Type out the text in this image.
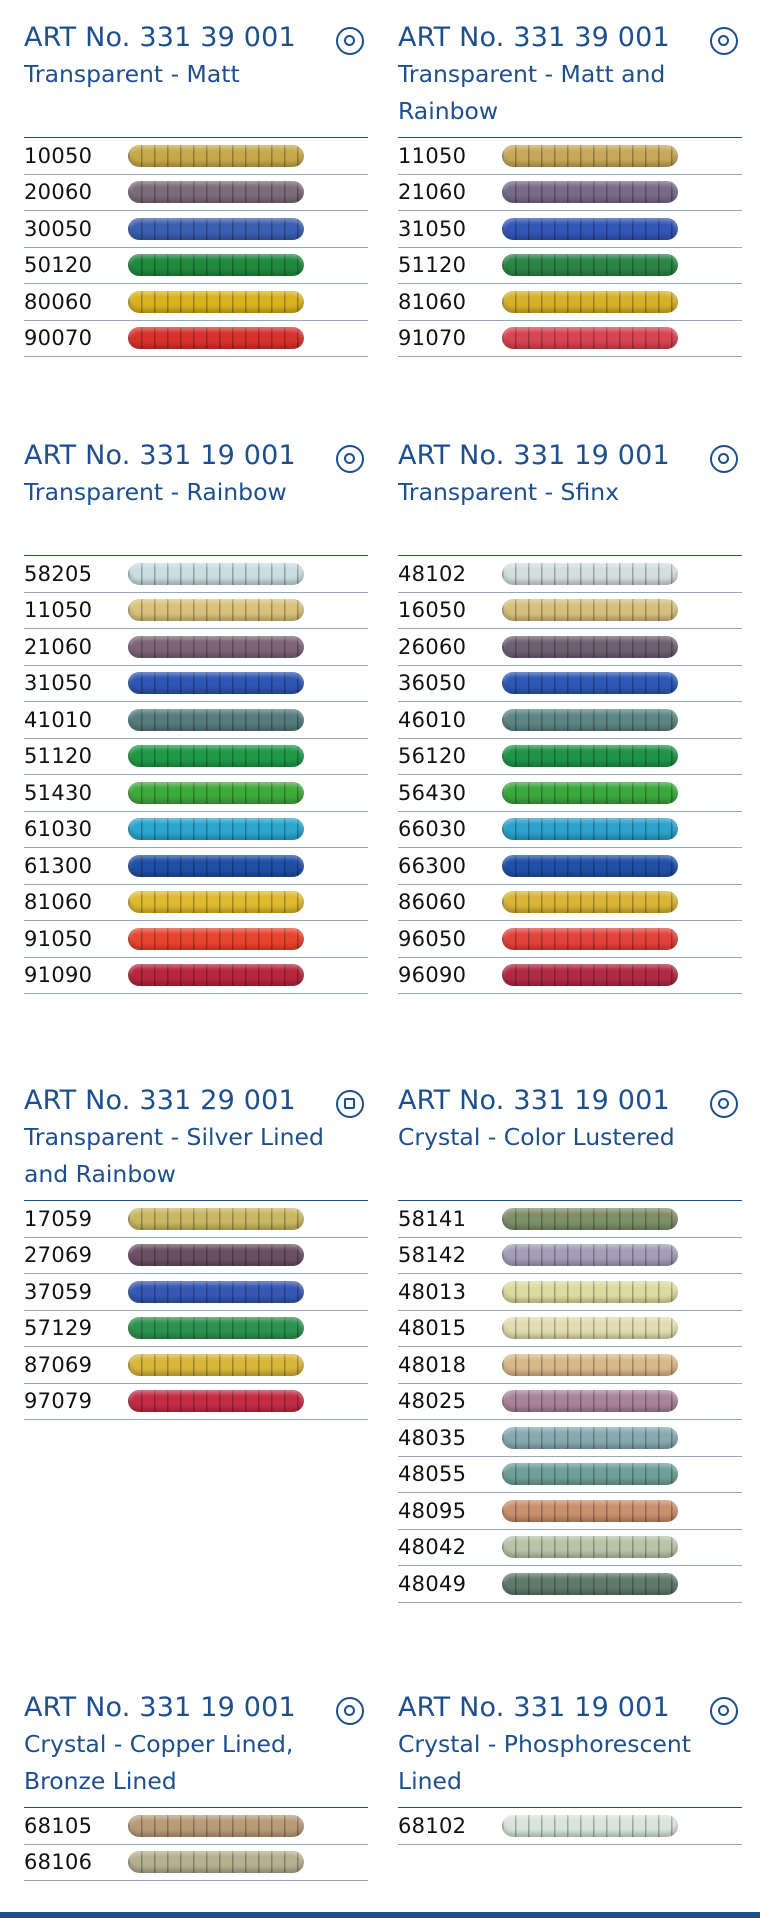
ART No. 331 39 001
Transparent - Matt
10050
20060
30050
50120
80060
90070
ART No. 331 39 001
Transparent - Matt and Rainbow
11050
21060
31050
51120
81060
91070
ART No. 331 19 001
Transparent - Rainbow
58205
11050
21060
31050
41010
51120
51430
61030
61300
81060
91050
91090
ART No. 331 19 001
Transparent - Sfinx
48102
16050
26060
36050
46010
56120
56430
66030
66300
86060
96050
96090
ART No. 331 29 001
Transparent - Silver Lined and Rainbow
17059
27069
37059
57129
87069
97079
ART No. 331 19 001
Crystal - Color Lustered
58141
58142
48013
48015
48018
48025
48035
48055
48095
48042
48049
ART No. 331 19 001
Crystal - Copper Lined, Bronze Lined
68105
68106
ART No. 331 19 001
Crystal - Phosphorescent Lined
68102
